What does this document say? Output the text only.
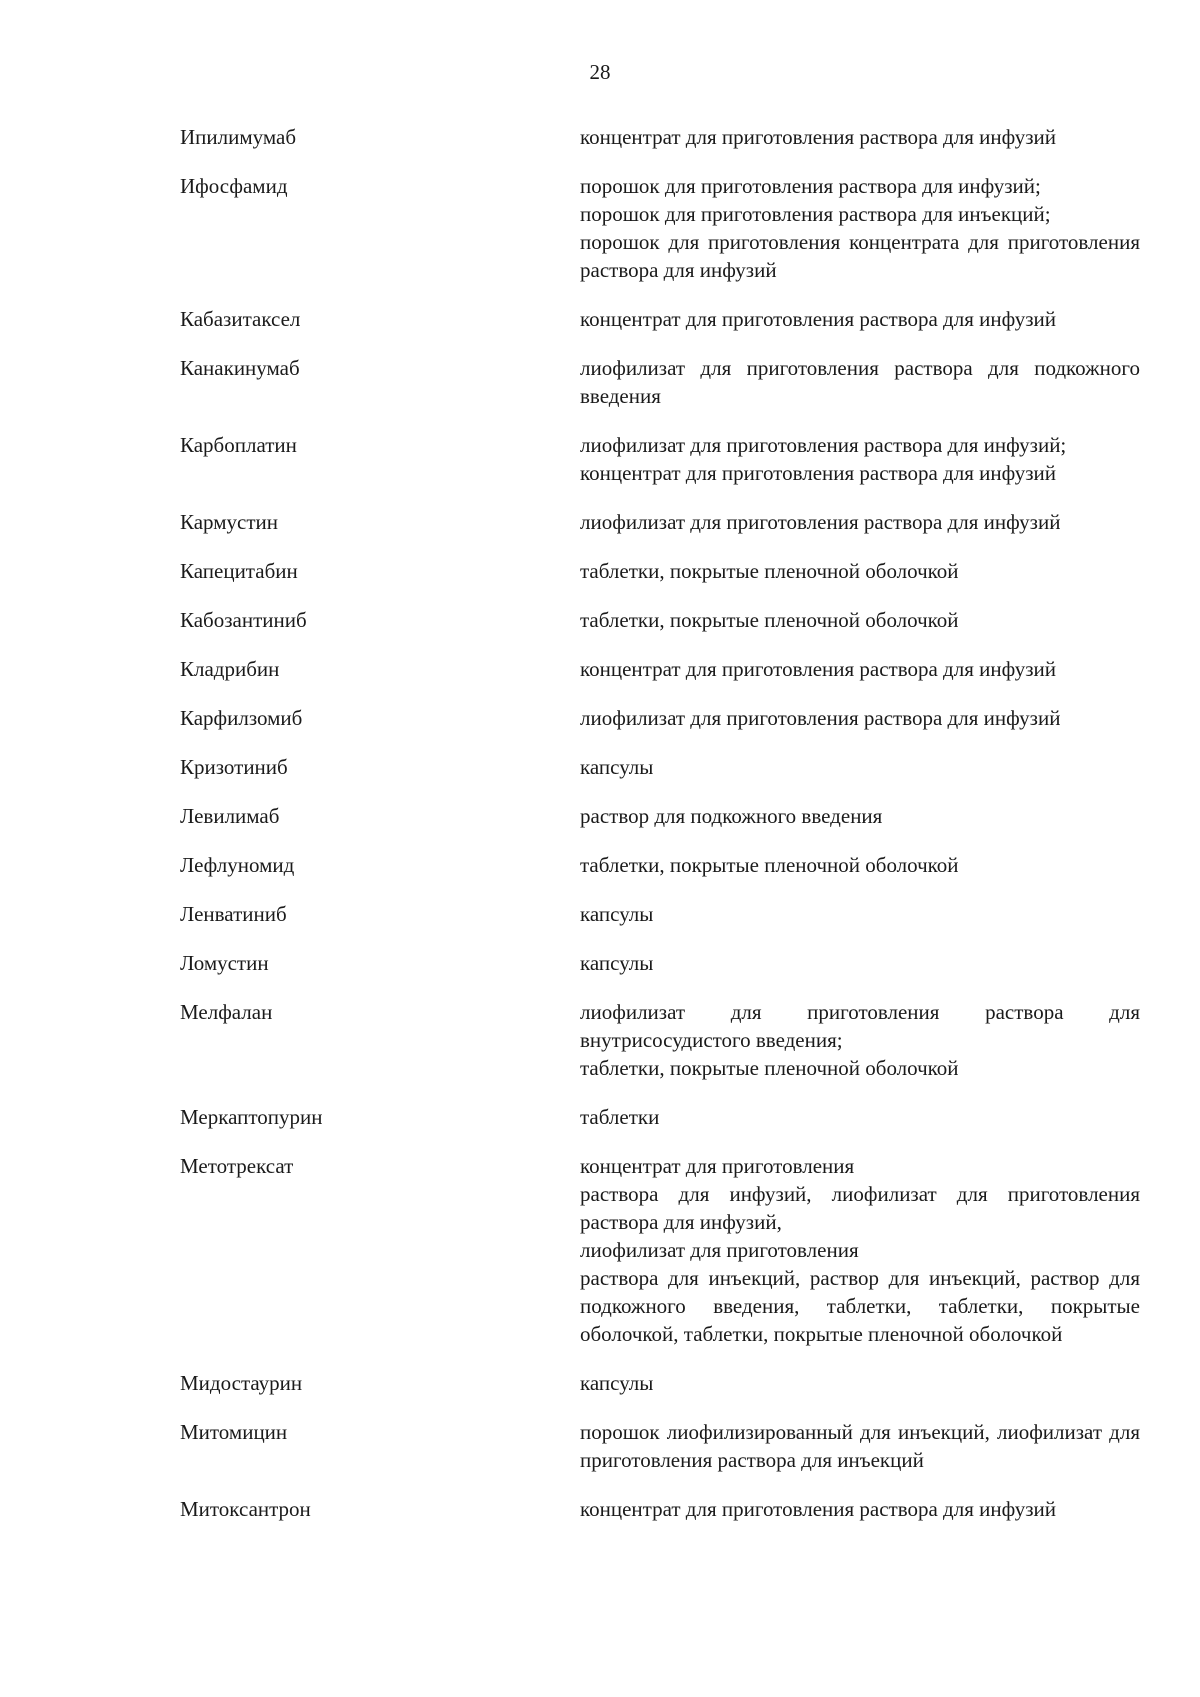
28
Ипилимумаб	концентрат для приготовления раствора для инфузий
Ифосфамид	порошок для приготовления раствора для инфузий;
порошок для приготовления раствора для инъекций;
порошок для приготовления концентрата для приготовления раствора для инфузий
Кабазитаксел	концентрат для приготовления раствора для инфузий
Канакинумаб	лиофилизат для приготовления раствора для подкожного введения
Карбоплатин	лиофилизат для приготовления раствора для инфузий;
концентрат для приготовления раствора для инфузий
Кармустин	лиофилизат для приготовления раствора для инфузий
Капецитабин	таблетки, покрытые пленочной оболочкой
Кабозантиниб	таблетки, покрытые пленочной оболочкой
Кладрибин	концентрат для приготовления раствора для инфузий
Карфилзомиб	лиофилизат для приготовления раствора для инфузий
Кризотиниб	капсулы
Левилимаб	раствор для подкожного введения
Лефлуномид	таблетки, покрытые пленочной оболочкой
Ленватиниб	капсулы
Ломустин	капсулы
Мелфалан	лиофилизат для приготовления раствора для внутрисосудистого введения;
таблетки, покрытые пленочной оболочкой
Меркаптопурин	таблетки
Метотрексат	концентрат для приготовления
раствора для инфузий, лиофилизат для приготовления раствора для инфузий,
лиофилизат для приготовления
раствора для инъекций, раствор для инъекций, раствор для подкожного введения, таблетки, таблетки, покрытые оболочкой, таблетки, покрытые пленочной оболочкой
Мидостаурин	капсулы
Митомицин	порошок лиофилизированный для инъекций, лиофилизат для приготовления раствора для инъекций
Митоксантрон	концентрат для приготовления раствора для инфузий
